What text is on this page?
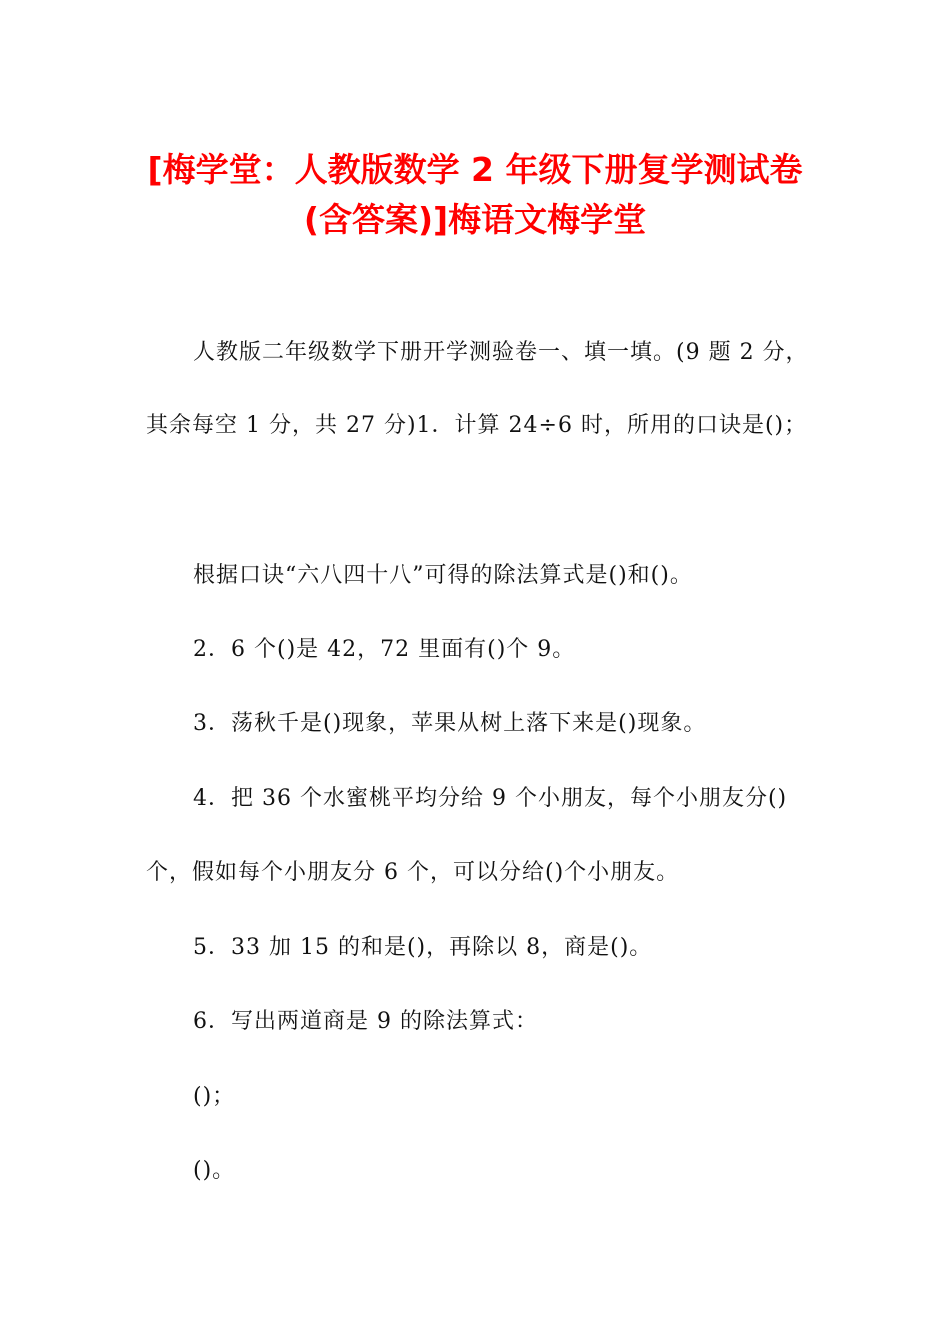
[梅学堂：人教版数学 2 年级下册复学测试卷
(含答案)]梅语文梅学堂
人教版二年级数学下册开学测验卷一、填一填。(9 题 2 分，
其余每空 1 分，共 27 分)1．计算 24÷6 时，所用的口诀是()；
根据口诀“六八四十八”可得的除法算式是()和()。
2．6 个()是 42，72 里面有()个 9。
3．荡秋千是()现象，苹果从树上落下来是()现象。
4．把 36 个水蜜桃平均分给 9 个小朋友，每个小朋友分()
个，假如每个小朋友分 6 个，可以分给()个小朋友。
5．33 加 15 的和是()，再除以 8，商是()。
6．写出两道商是 9 的除法算式：
()；
()。
